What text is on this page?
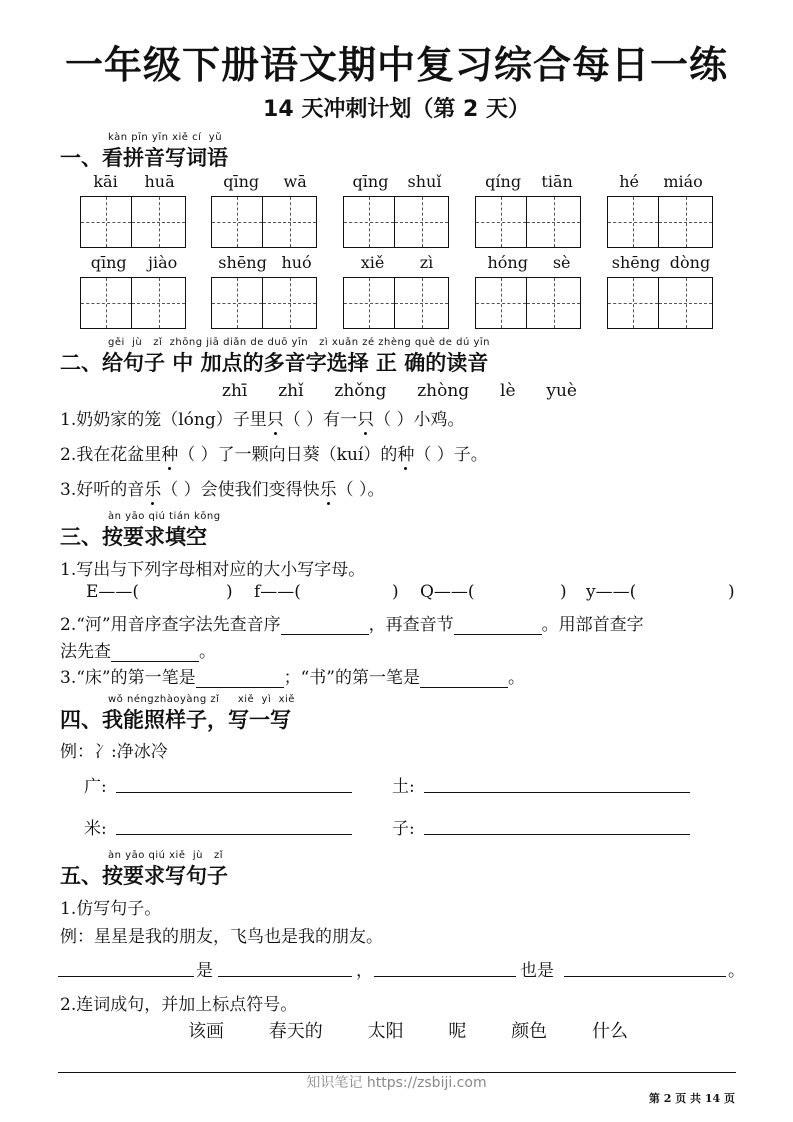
一年级下册语文期中复习综合每日一练
14 天冲刺计划（第 2 天）
kàn pīn yīn xiě cí  yǔ
一、看拼音写词语
kāi huā	qīng wā	qīng shuǐ	qíng tiān	hé miáo
qīng jiào	shēng huó	xiě zì	hóng sè	shēng dòng
gěi  jù   zǐ  zhōng jiā diǎn de duō yīn   zì xuǎn zé zhèng què de dú yīn
二、给句子 中 加点的多音字选择 正 确的读音
zhī zhǐ zhǒng zhòng lè yuè
1.奶奶家的笼（lóng）子里只（ ）有一只（ ）小鸡。
2.我在花盆里种（ ）了一颗向日葵（kuí）的种（ ）子。
3.好听的音乐（ ）会使我们变得快乐（ ）。
àn yāo qiú tián kōng
三、按要求填空
1.写出与下列字母相对应的大小写字母。
E——(	) f——(	) Q——(	) y——(	)
2.“河”用音序查字法先查音序	，再查音节	。用部首查字
法先查	。
3.“床”的第一笔是	；“书”的第一笔是	。
wǒ néngzhàoyàng zǐ     xiě  yì  xiě
四、我能照样子，写一写
例：冫:净冰冷
广:	土:
米:	子:
àn yāo qiú xiě  jù   zǐ
五、按要求写句子
1.仿写句子。
例：星星是我的朋友，飞鸟也是我的朋友。
是	，	也是	。
2.连词成句，并加上标点符号。
该画 春天的 太阳 呢 颜色 什么
知识笔记 https://zsbiji.com
第 2 页 共 14 页
